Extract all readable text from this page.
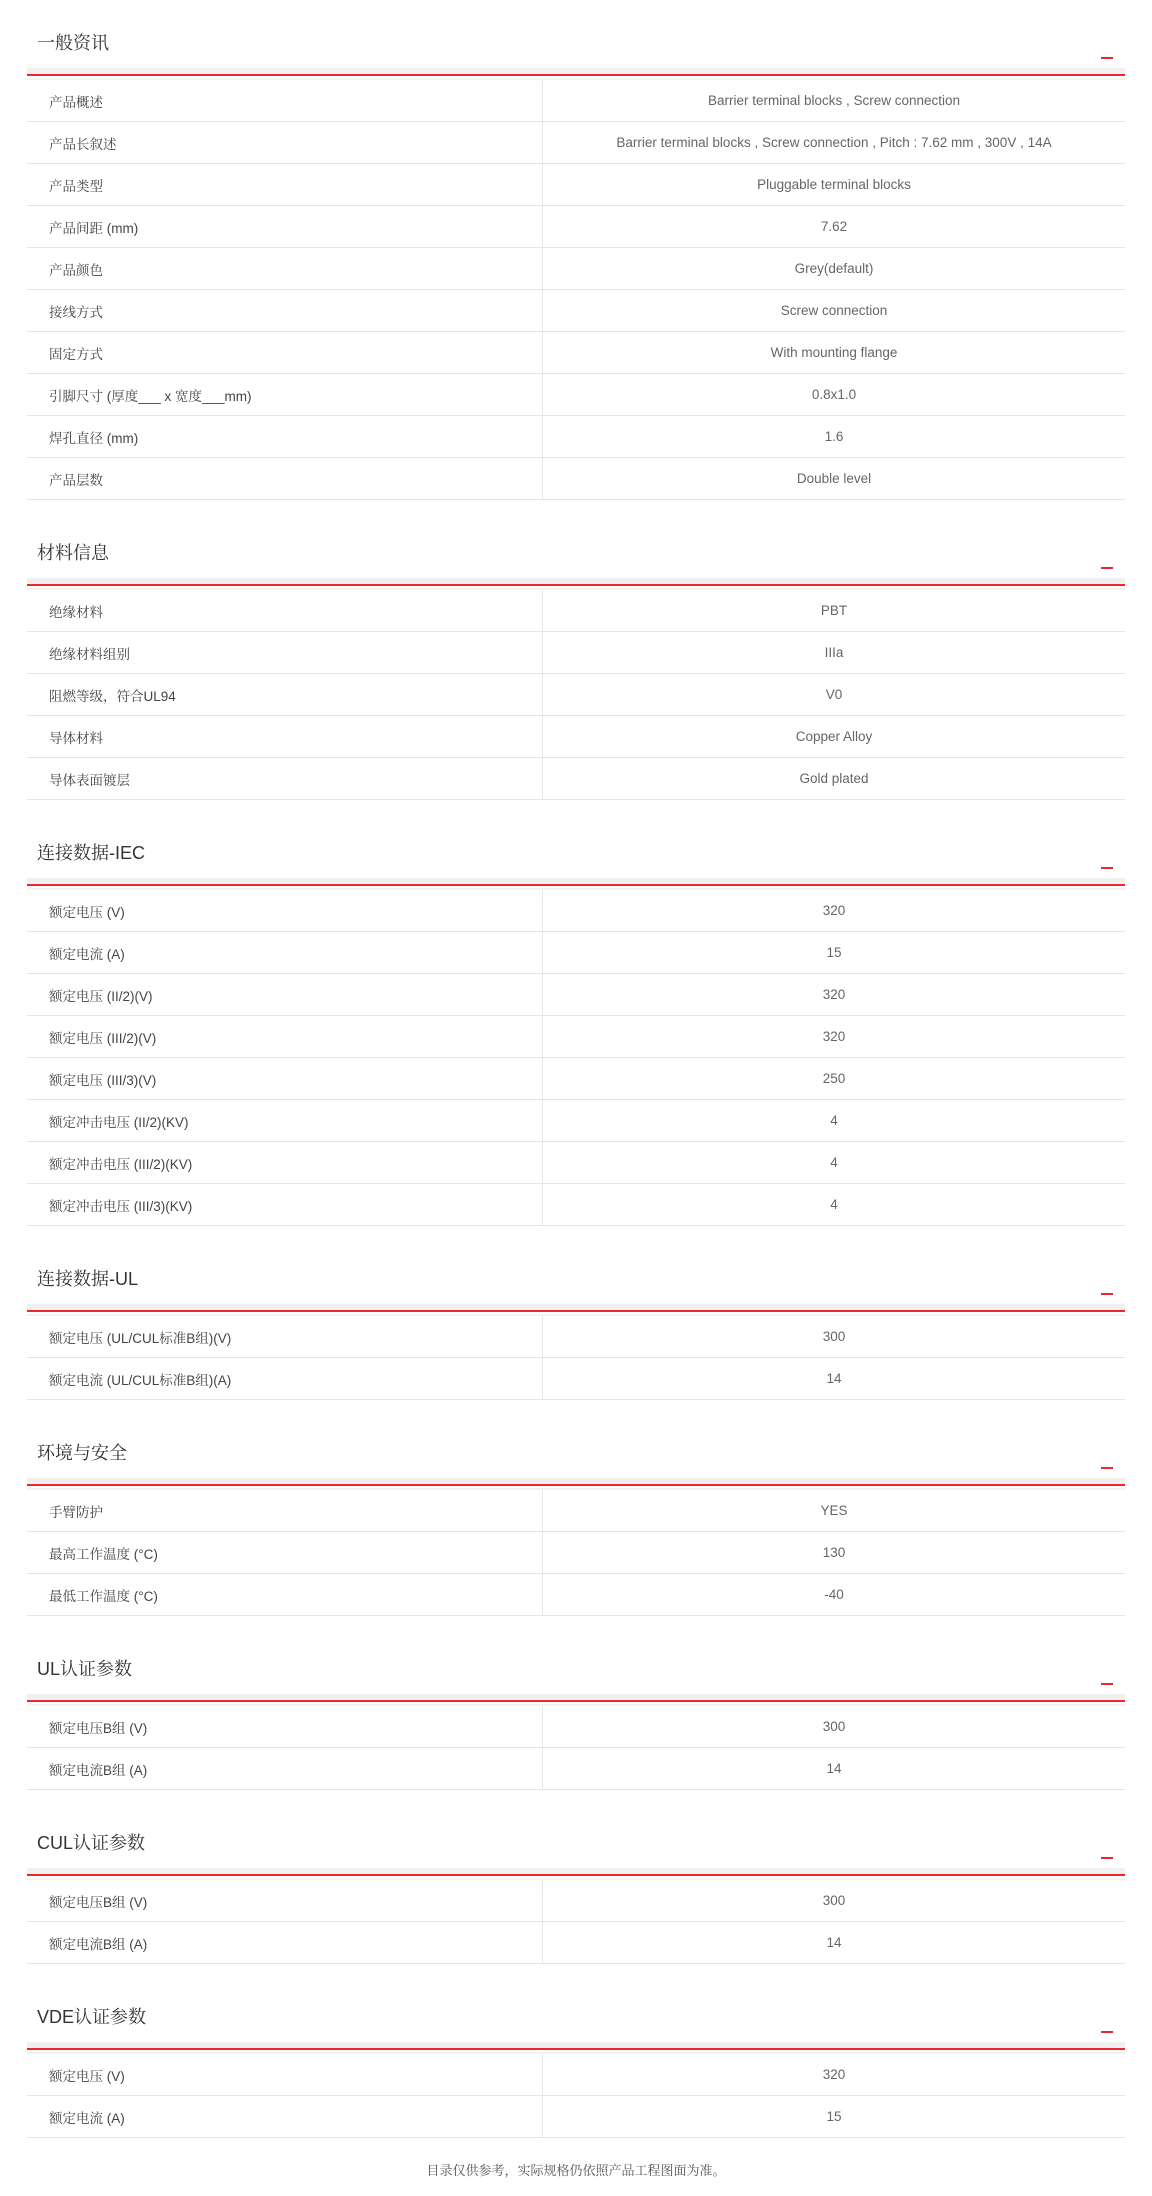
一般资讯
产品概述	Barrier terminal blocks , Screw connection
产品长叙述	Barrier terminal blocks , Screw connection , Pitch : 7.62 mm , 300V , 14A
产品类型	Pluggable terminal blocks
产品间距 (mm)	7.62
产品颜色	Grey(default)
接线方式	Screw connection
固定方式	With mounting flange
引脚尺寸 (厚度___ x 宽度___mm)	0.8x1.0
焊孔直径 (mm)	1.6
产品层数	Double level
材料信息
绝缘材料	PBT
绝缘材料组别	IIIa
阻燃等级，符合UL94	V0
导体材料	Copper Alloy
导体表面镀层	Gold plated
连接数据-IEC
额定电压 (V)	320
额定电流 (A)	15
额定电压 (II/2)(V)	320
额定电压 (III/2)(V)	320
额定电压 (III/3)(V)	250
额定冲击电压 (II/2)(KV)	4
额定冲击电压 (III/2)(KV)	4
额定冲击电压 (III/3)(KV)	4
连接数据-UL
额定电压 (UL/CUL标准B组)(V)	300
额定电流 (UL/CUL标准B组)(A)	14
环境与安全
手臂防护	YES
最高工作温度 (°C)	130
最低工作温度 (°C)	-40
UL认证参数
额定电压B组 (V)	300
额定电流B组 (A)	14
CUL认证参数
额定电压B组 (V)	300
额定电流B组 (A)	14
VDE认证参数
额定电压 (V)	320
额定电流 (A)	15
目录仅供参考，实际规格仍依照产品工程图面为准。
